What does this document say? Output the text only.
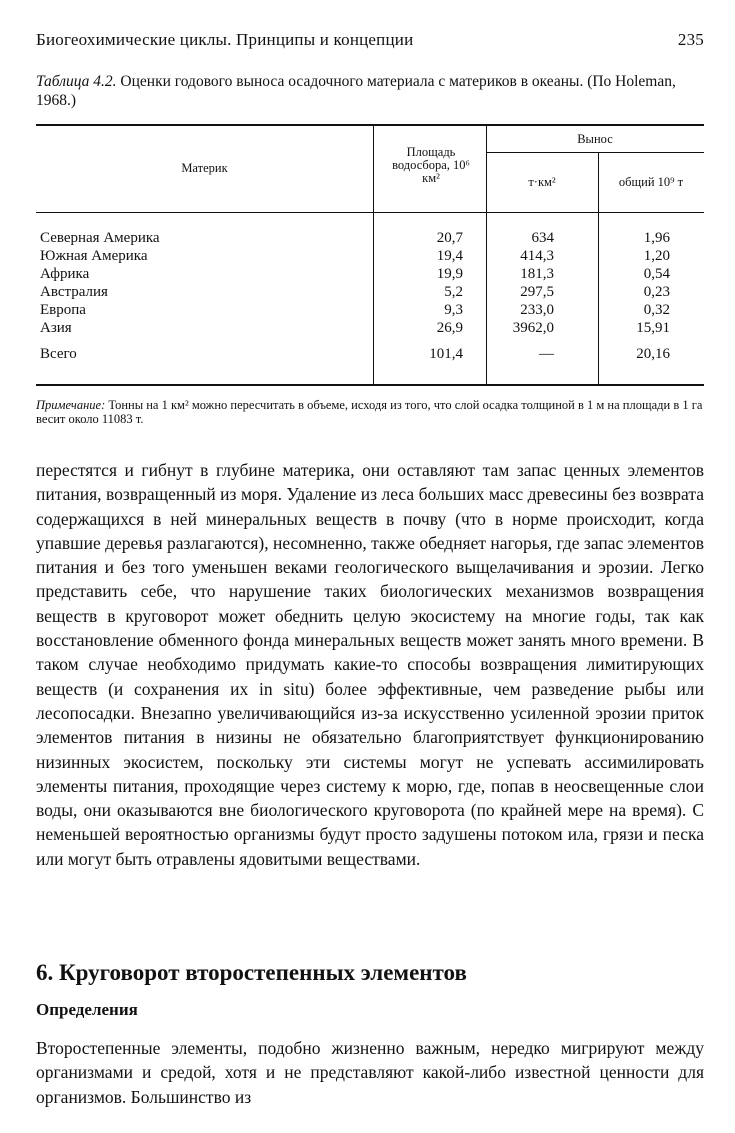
Биогеохимические циклы. Принципы и концепции	235
Таблица 4.2. Оценки годового выноса осадочного материала с материков в океаны. (По Holeman, 1968.)
Материк
Площадь водосбора, 10⁶ км²
Вынос
т·км²	общий 10⁹ т
Северная Америка	20,7	634	1,96
Южная Америка	19,4	414,3	1,20
Африка	19,9	181,3	0,54
Австралия	5,2	297,5	0,23
Европа	9,3	233,0	0,32
Азия	26,9	3962,0	15,91
Всего	101,4	—	20,16
Примечание: Тонны на 1 км² можно пересчитать в объеме, исходя из того, что слой осадка толщиной в 1 м на площади в 1 га весит около 11083 т.

перестятся и гибнут в глубине материка, они оставляют там запас ценных элементов питания, возвращенный из моря. Удаление из леса больших масс древесины без возврата содержащихся в ней минеральных веществ в почву (что в норме происходит, когда упавшие деревья разлагаются), несомненно, также обедняет нагорья, где запас элементов питания и без того уменьшен веками геологического выщелачивания и эрозии. Легко представить себе, что нарушение таких биологических механизмов возвращения веществ в круговорот может обеднить целую экосистему на многие годы, так как восстановление обменного фонда минеральных веществ может занять много времени. В таком случае необходимо придумать какие-то способы возвращения лимитирующих веществ (и сохранения их in situ) более эффективные, чем разведение рыбы или лесопосадки. Внезапно увеличивающийся из-за искусственно усиленной эрозии приток элементов питания в низины не обязательно благоприятствует функционированию низинных экосистем, поскольку эти системы могут не успевать ассимилировать элементы питания, проходящие через систему к морю, где, попав в неосвещенные слои воды, они оказываются вне биологического круговорота (по крайней мере на время). С неменьшей вероятностью организмы будут просто задушены потоком ила, грязи и песка или могут быть отравлены ядовитыми веществами.

6. Круговорот второстепенных элементов
Определения

Второстепенные элементы, подобно жизненно важным, нередко мигрируют между организмами и средой, хотя и не представляют какой-либо известной ценности для организмов. Большинство из
